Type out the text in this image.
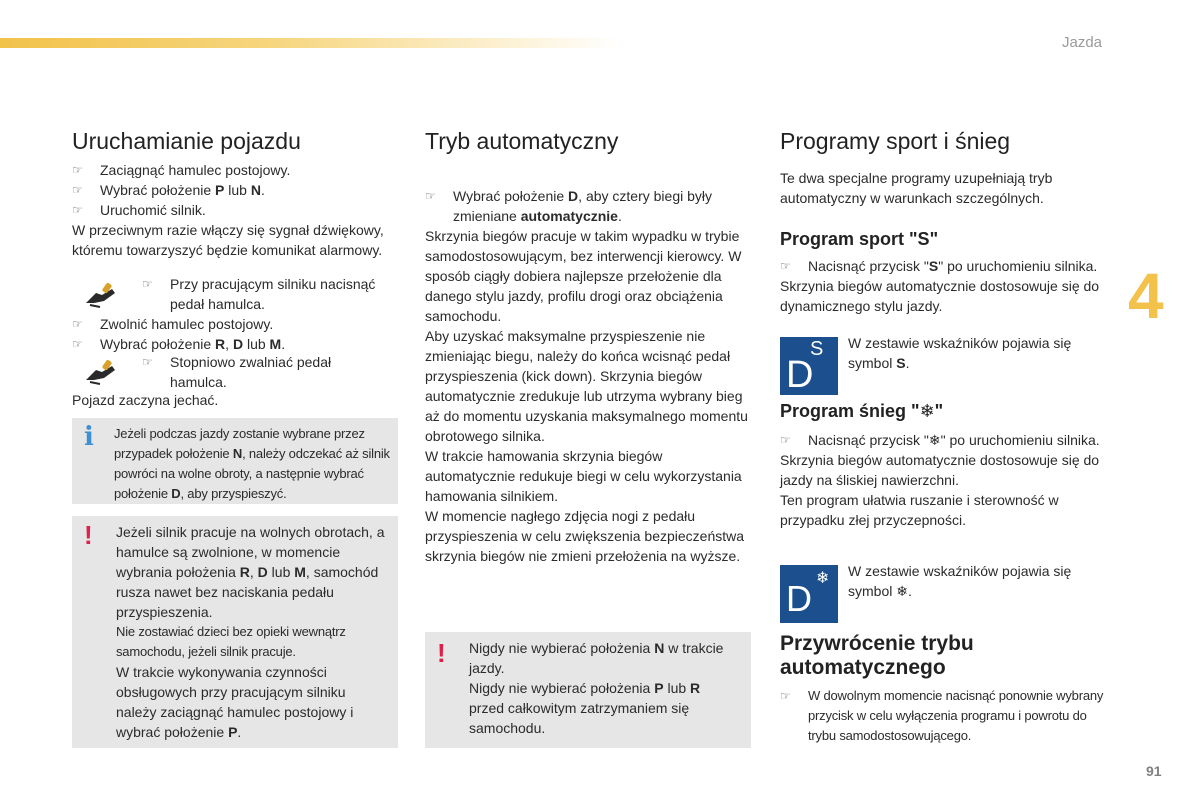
Jazda
4
91
Uruchamianie pojazdu
☞ Zaciągnąć hamulec postojowy.
☞ Wybrać położenie P lub N.
☞ Uruchomić silnik.
W przeciwnym razie włączy się sygnał dźwiękowy, któremu towarzyszyć będzie komunikat alarmowy.
☞ Przy pracującym silniku nacisnąć pedał hamulca.
☞ Zwolnić hamulec postojowy.
☞ Wybrać położenie R, D lub M.
☞ Stopniowo zwalniać pedał hamulca.
Pojazd zaczyna jechać.
i Jeżeli podczas jazdy zostanie wybrane przez przypadek położenie N, należy odczekać aż silnik powróci na wolne obroty, a następnie wybrać położenie D, aby przyspieszyć.
! Jeżeli silnik pracuje na wolnych obrotach, a hamulce są zwolnione, w momencie wybrania położenia R, D lub M, samochód rusza nawet bez naciskania pedału przyspieszenia.
Nie zostawiać dzieci bez opieki wewnątrz samochodu, jeżeli silnik pracuje.
W trakcie wykonywania czynności obsługowych przy pracującym silniku należy zaciągnąć hamulec postojowy i wybrać położenie P.
Tryb automatyczny
☞ Wybrać położenie D, aby cztery biegi były zmieniane automatycznie.
Skrzynia biegów pracuje w takim wypadku w trybie samodostosowującym, bez interwencji kierowcy. W sposób ciągły dobiera najlepsze przełożenie dla danego stylu jazdy, profilu drogi oraz obciążenia samochodu.
Aby uzyskać maksymalne przyspieszenie nie zmieniając biegu, należy do końca wcisnąć pedał przyspieszenia (kick down). Skrzynia biegów automatycznie zredukuje lub utrzyma wybrany bieg aż do momentu uzyskania maksymalnego momentu obrotowego silnika.
W trakcie hamowania skrzynia biegów automatycznie redukuje biegi w celu wykorzystania hamowania silnikiem.
W momencie nagłego zdjęcia nogi z pedału przyspieszenia w celu zwiększenia bezpieczeństwa skrzynia biegów nie zmieni przełożenia na wyższe.
! Nigdy nie wybierać położenia N w trakcie jazdy.
Nigdy nie wybierać położenia P lub R przed całkowitym zatrzymaniem się samochodu.
Programy sport i śnieg
Te dwa specjalne programy uzupełniają tryb automatyczny w warunkach szczególnych.
Program sport "S"
☞ Nacisnąć przycisk "S" po uruchomieniu silnika.
Skrzynia biegów automatycznie dostosowuje się do dynamicznego stylu jazdy.
S
D
W zestawie wskaźników pojawia się symbol S.
Program śnieg "❄"
☞ Nacisnąć przycisk "❄" po uruchomieniu silnika.
Skrzynia biegów automatycznie dostosowuje się do jazdy na śliskiej nawierzchni.
Ten program ułatwia ruszanie i sterowność w przypadku złej przyczepności.
D
❄ W zestawie wskaźników pojawia się symbol ❄.
Przywrócenie trybu
automatycznego
☞ W dowolnym momencie nacisnąć ponownie wybrany przycisk w celu wyłączenia programu i powrotu do trybu samodostosowującego.
